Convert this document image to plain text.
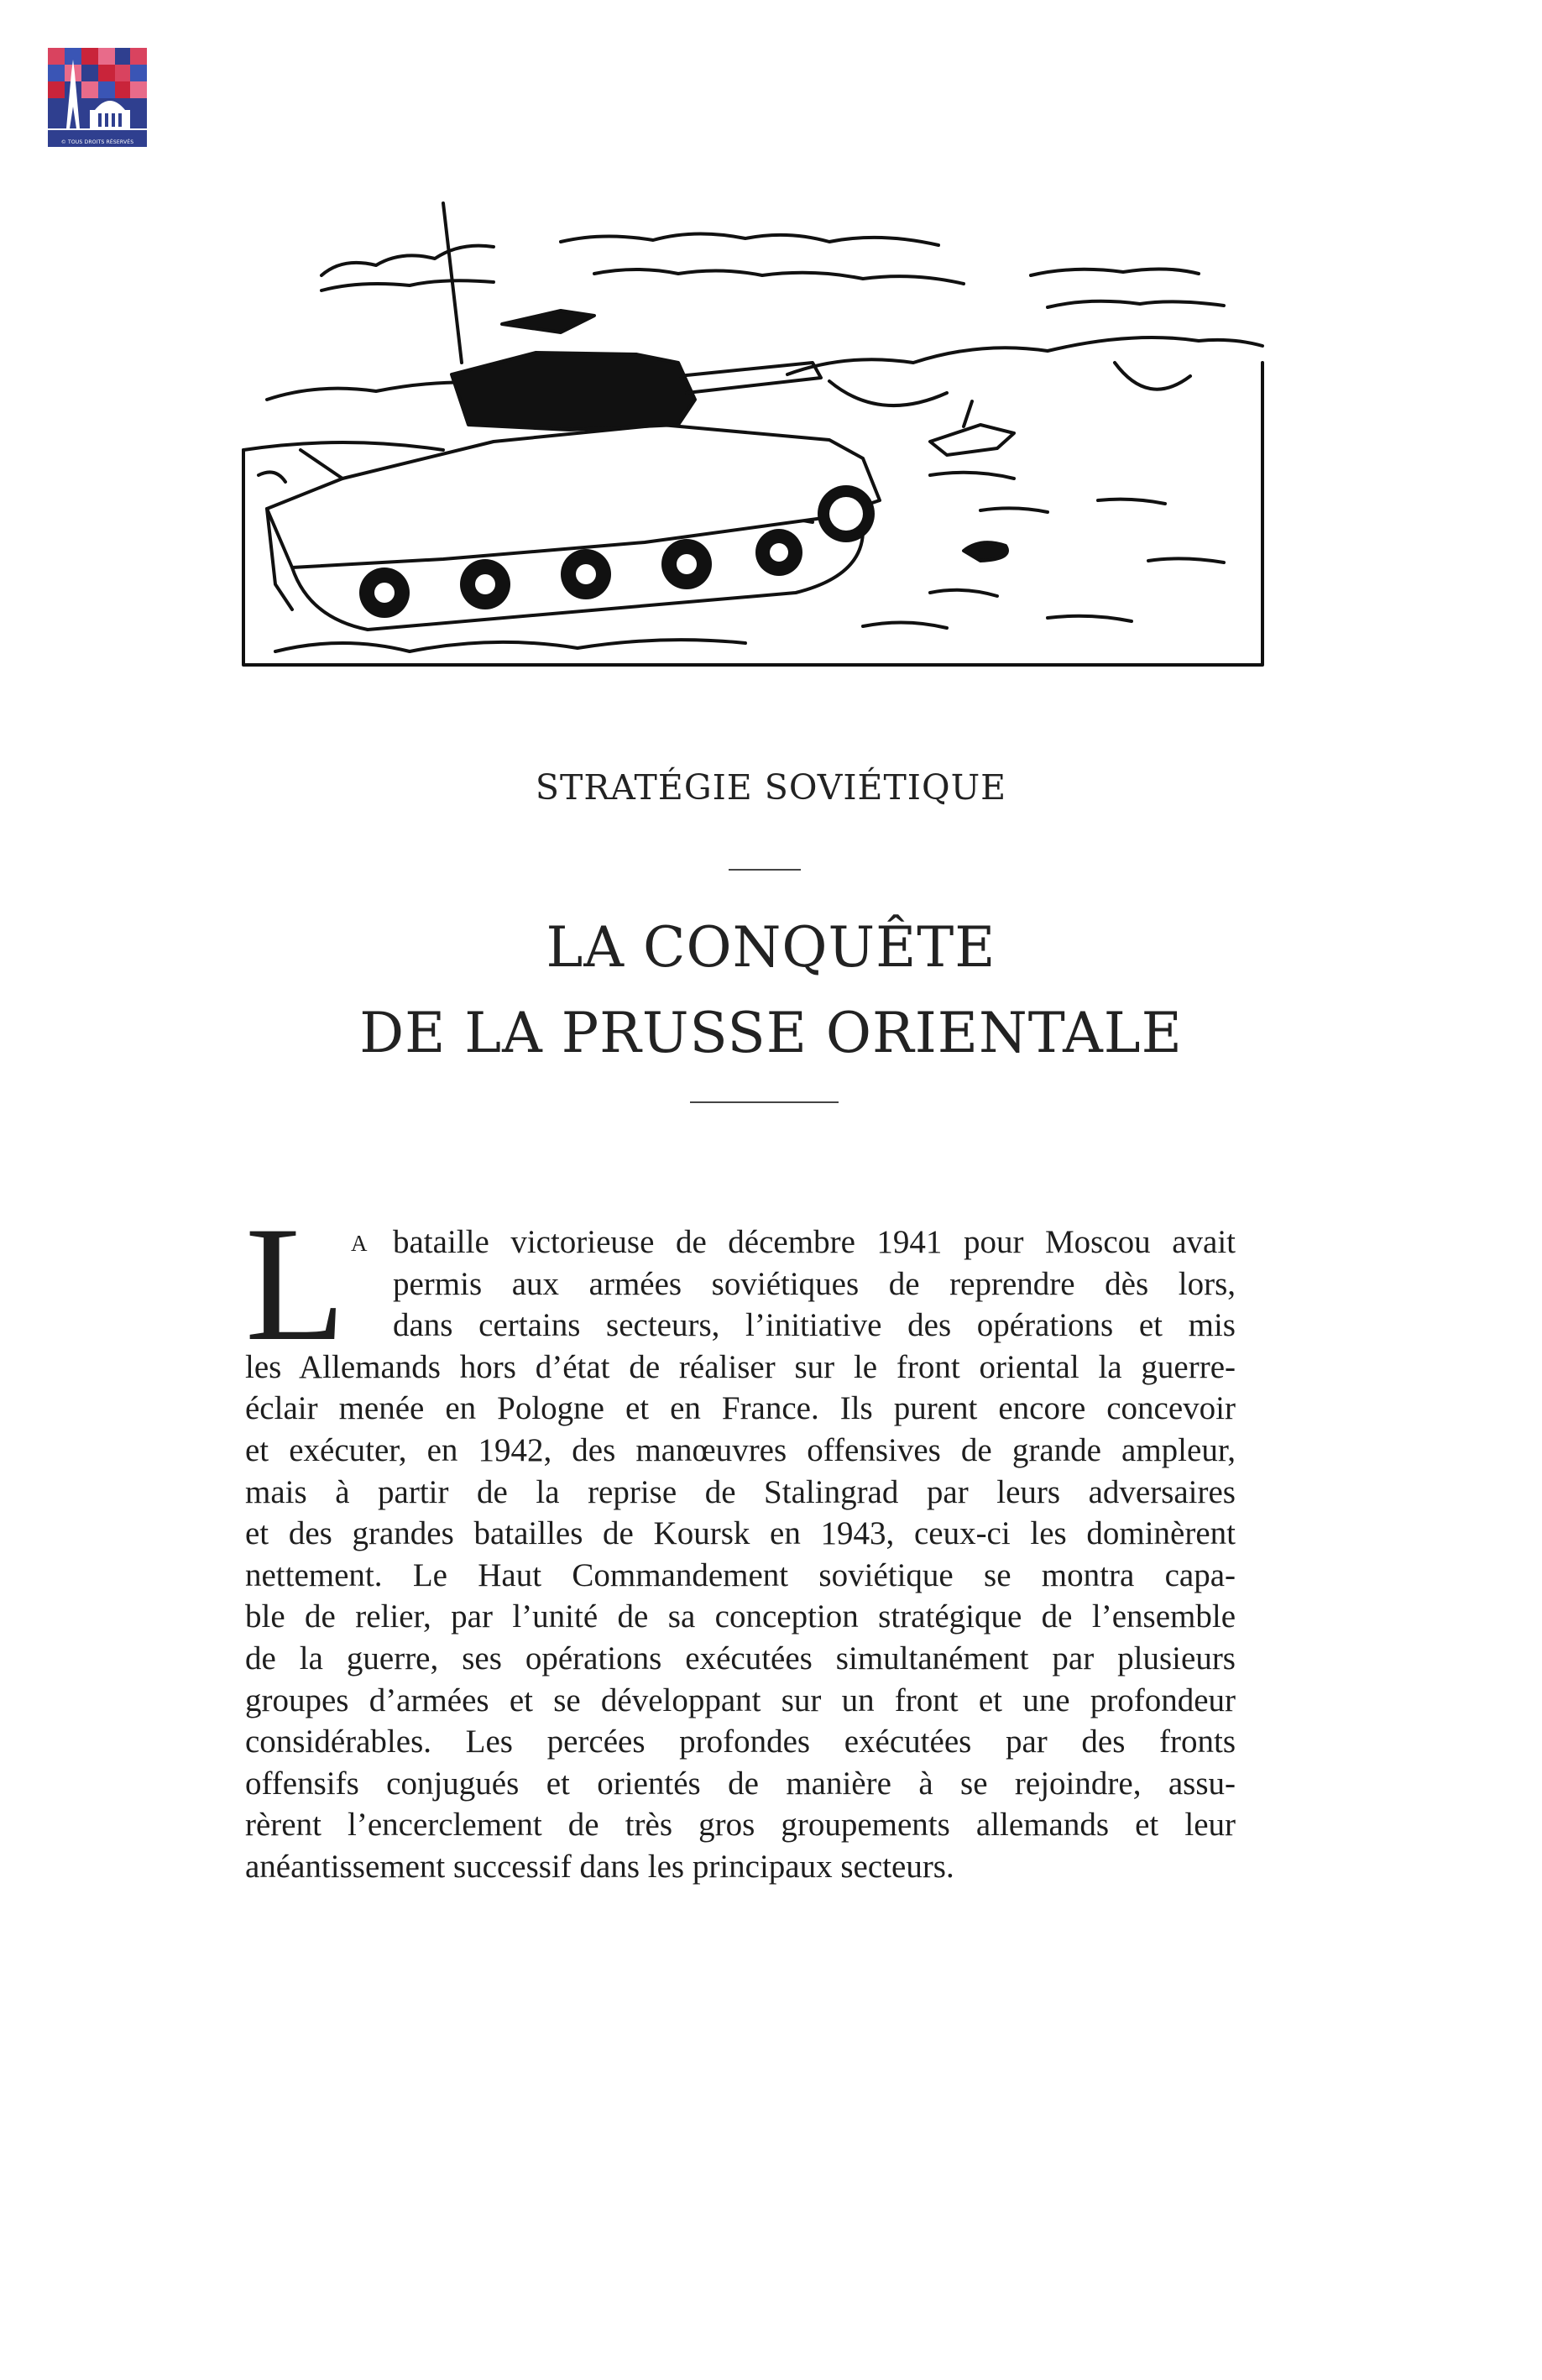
© TOUS DROITS RÉSERVÉS
STRATÉGIE SOVIÉTIQUE
LA CONQUÊTE
DE LA PRUSSE ORIENTALE
L A bataille victorieuse de décembre 1941 pour Moscou avait
permis aux armées soviétiques de reprendre dès lors,
dans certains secteurs, l’initiative des opérations et mis
les Allemands hors d’état de réaliser sur le front oriental la guerre-
éclair menée en Pologne et en France. Ils purent encore concevoir
et exécuter, en 1942, des manœuvres offensives de grande ampleur,
mais à partir de la reprise de Stalingrad par leurs adversaires
et des grandes batailles de Koursk en 1943, ceux-ci les dominèrent
nettement. Le Haut Commandement soviétique se montra capa-
ble de relier, par l’unité de sa conception stratégique de l’ensemble
de la guerre, ses opérations exécutées simultanément par plusieurs
groupes d’armées et se développant sur un front et une profondeur
considérables. Les percées profondes exécutées par des fronts
offensifs conjugués et orientés de manière à se rejoindre, assu-
rèrent l’encerclement de très gros groupements allemands et leur
anéantissement successif dans les principaux secteurs.
